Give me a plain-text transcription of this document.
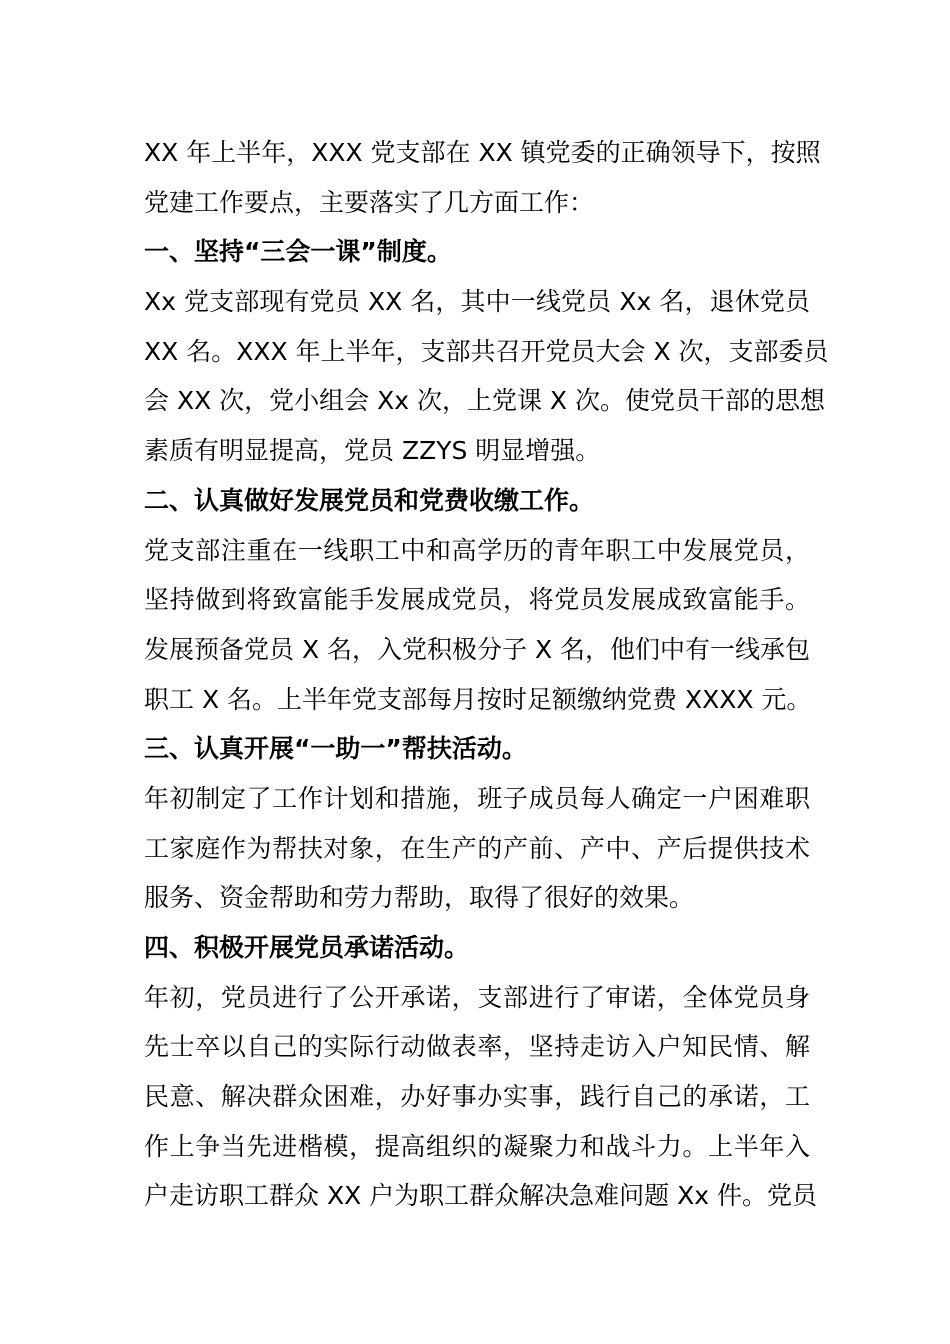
XX 年上半年，XXX 党支部在 XX 镇党委的正确领导下，按照
党建工作要点，主要落实了几方面工作：
一、坚持“三会一课”制度。
Xx 党支部现有党员 XX 名，其中一线党员 Xx 名，退休党员
XX 名。XXX 年上半年，支部共召开党员大会 X 次，支部委员
会 XX 次，党小组会 Xx 次，上党课 X 次。使党员干部的思想
素质有明显提高，党员 ZZYS 明显增强。
二、认真做好发展党员和党费收缴工作。
党支部注重在一线职工中和高学历的青年职工中发展党员，
坚持做到将致富能手发展成党员，将党员发展成致富能手。
发展预备党员 X 名，入党积极分子 X 名，他们中有一线承包
职工 X 名。上半年党支部每月按时足额缴纳党费 XXXX 元。
三、认真开展“一助一”帮扶活动。
年初制定了工作计划和措施，班子成员每人确定一户困难职
工家庭作为帮扶对象，在生产的产前、产中、产后提供技术
服务、资金帮助和劳力帮助，取得了很好的效果。
四、积极开展党员承诺活动。
年初，党员进行了公开承诺，支部进行了审诺，全体党员身
先士卒以自己的实际行动做表率，坚持走访入户知民情、解
民意、解决群众困难，办好事办实事，践行自己的承诺，工
作上争当先进楷模，提高组织的凝聚力和战斗力。上半年入
户走访职工群众 XX 户为职工群众解决急难问题 Xx 件。党员
